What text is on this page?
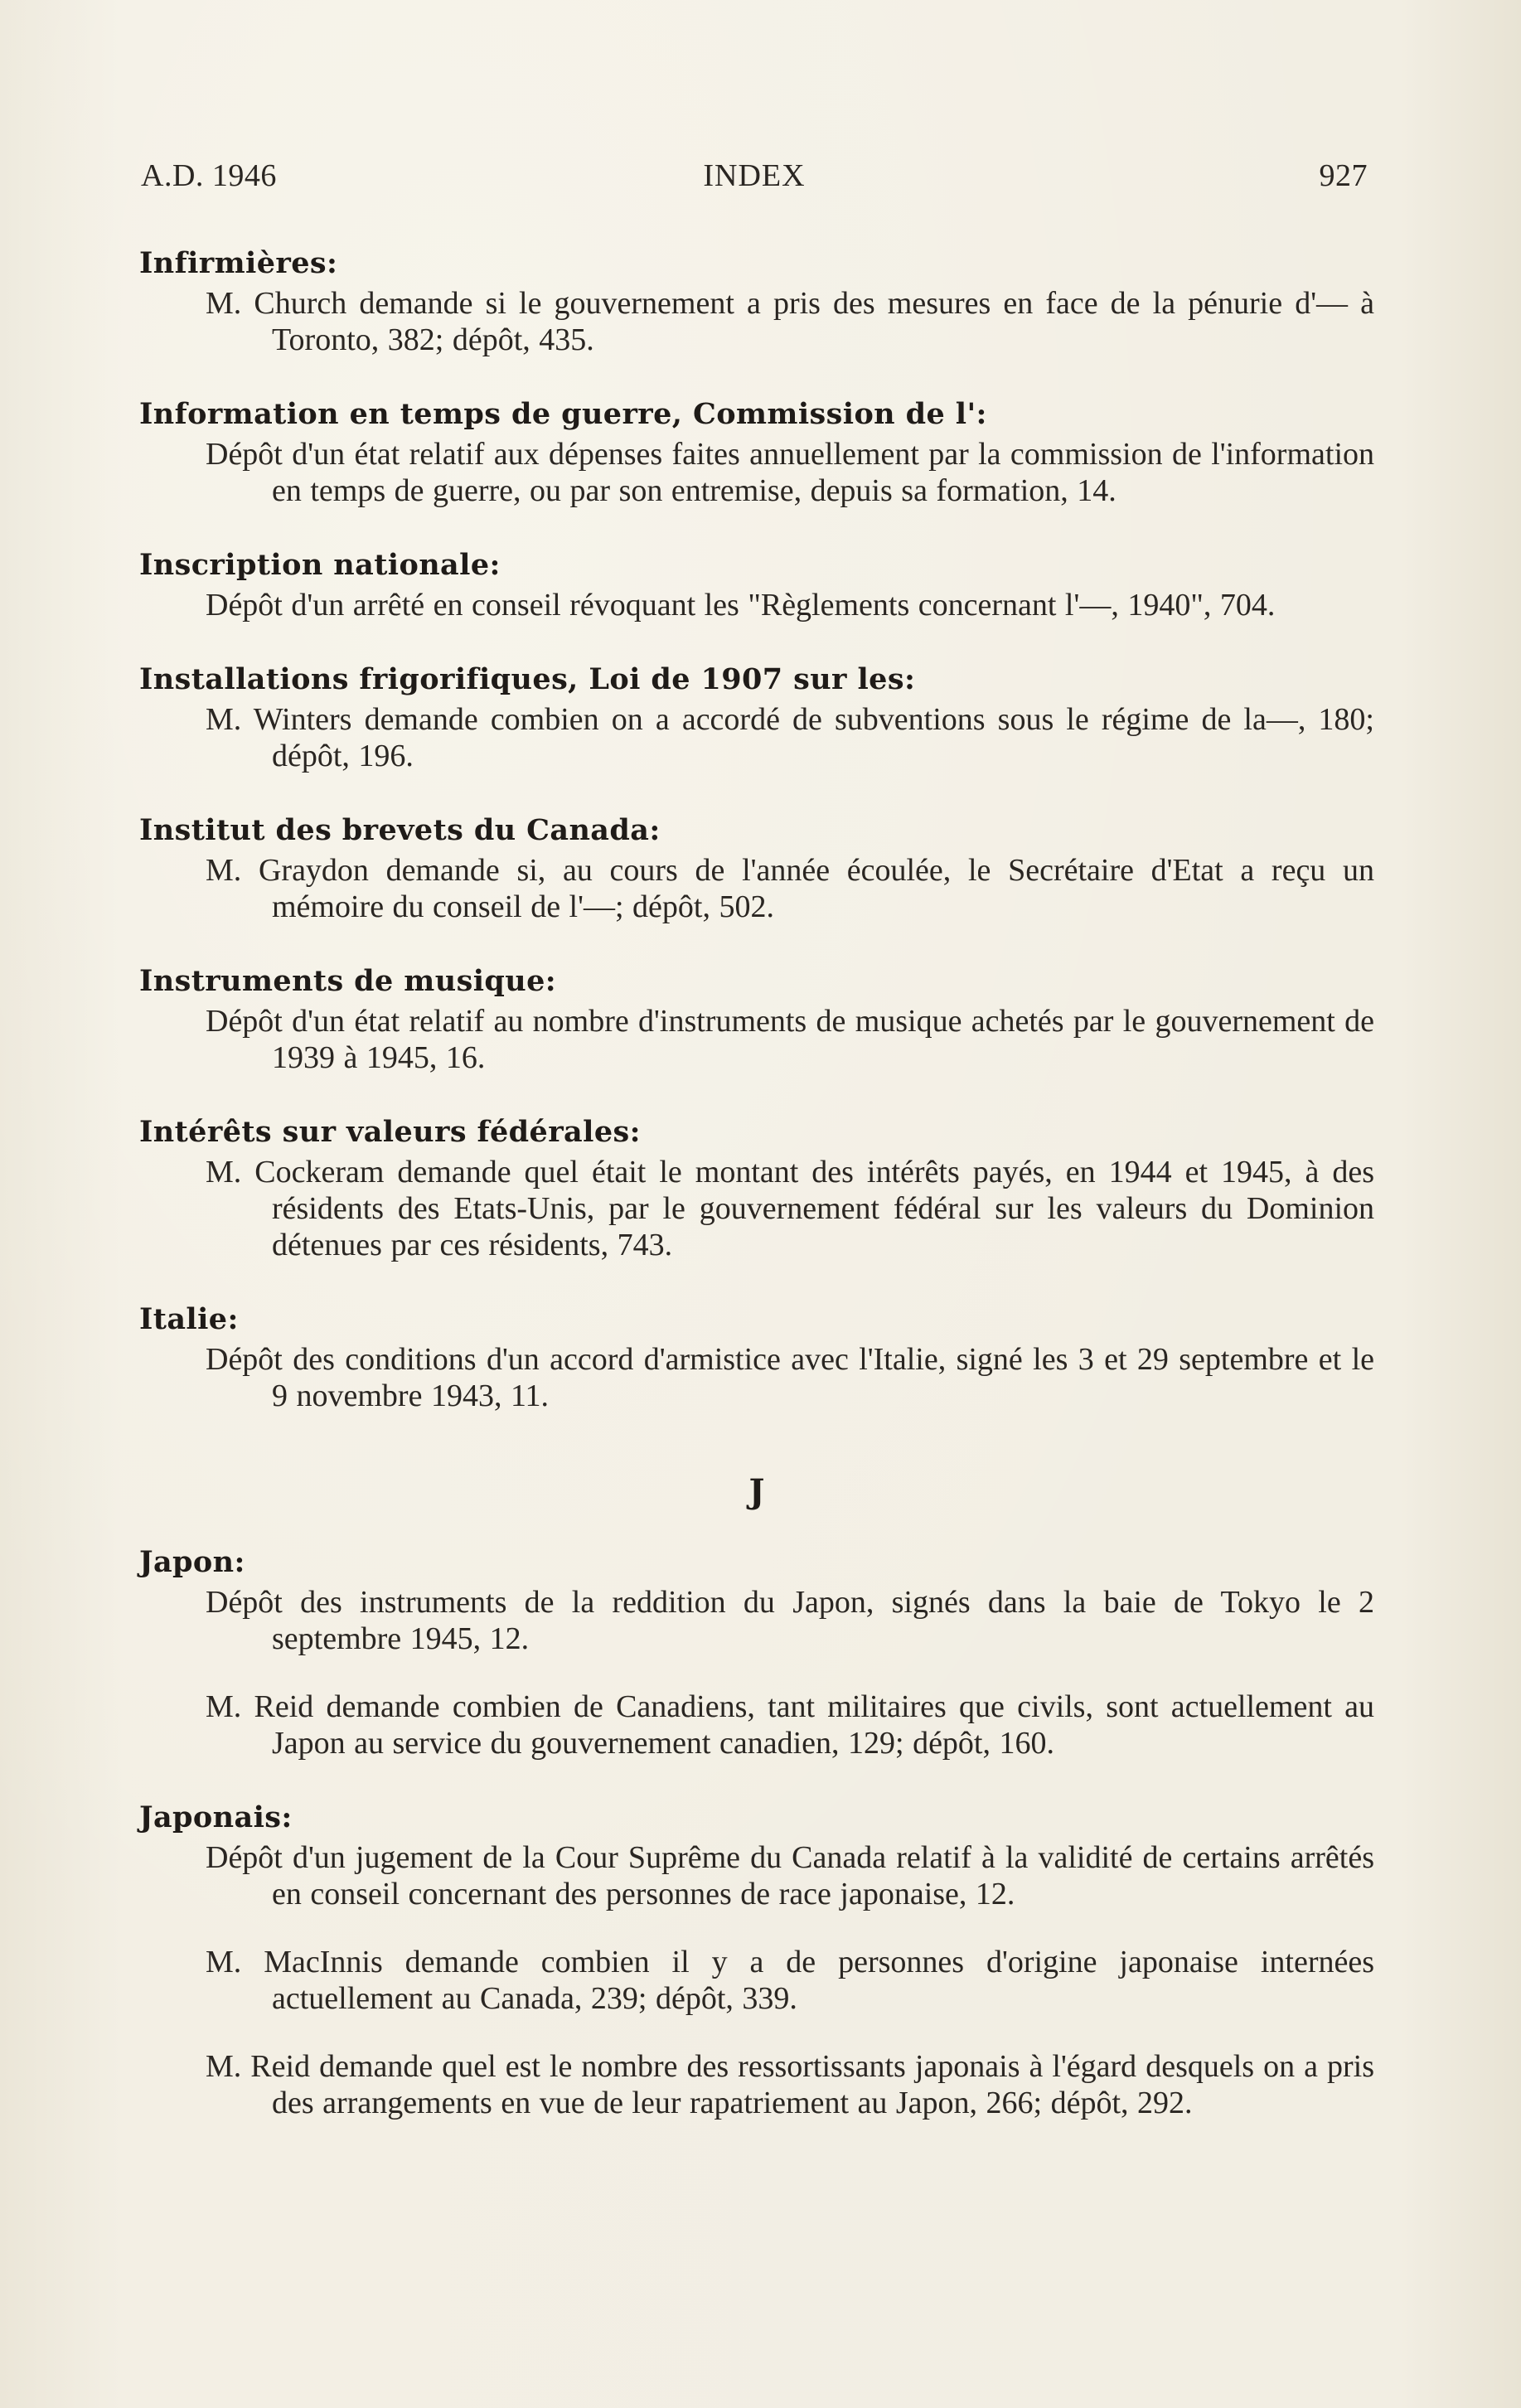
A.D. 1946	INDEX	927
Infirmières:

M. Church demande si le gouvernement a pris des mesures en face de la pénurie d'— à Toronto, 382; dépôt, 435.

Information en temps de guerre, Commission de l':

Dépôt d'un état relatif aux dépenses faites annuellement par la commission de l'information en temps de guerre, ou par son entremise, depuis sa formation, 14.

Inscription nationale:

Dépôt d'un arrêté en conseil révoquant les "Règlements concernant l'—, 1940", 704.

Installations frigorifiques, Loi de 1907 sur les:

M. Winters demande combien on a accordé de subventions sous le régime de la—, 180; dépôt, 196.

Institut des brevets du Canada:

M. Graydon demande si, au cours de l'année écoulée, le Secrétaire d'Etat a reçu un mémoire du conseil de l'—; dépôt, 502.

Instruments de musique:

Dépôt d'un état relatif au nombre d'instruments de musique achetés par le gouvernement de 1939 à 1945, 16.

Intérêts sur valeurs fédérales:

M. Cockeram demande quel était le montant des intérêts payés, en 1944 et 1945, à des résidents des Etats-Unis, par le gouvernement fédéral sur les valeurs du Dominion détenues par ces résidents, 743.

Italie:

Dépôt des conditions d'un accord d'armistice avec l'Italie, signé les 3 et 29 septembre et le 9 novembre 1943, 11.

J
Japon:

Dépôt des instruments de la reddition du Japon, signés dans la baie de Tokyo le 2 septembre 1945, 12.

M. Reid demande combien de Canadiens, tant militaires que civils, sont actuellement au Japon au service du gouvernement canadien, 129; dépôt, 160.

Japonais:

Dépôt d'un jugement de la Cour Suprême du Canada relatif à la validité de certains arrêtés en conseil concernant des personnes de race japonaise, 12.

M. MacInnis demande combien il y a de personnes d'origine japonaise internées actuellement au Canada, 239; dépôt, 339.

M. Reid demande quel est le nombre des ressortissants japonais à l'égard desquels on a pris des arrangements en vue de leur rapatriement au Japon, 266; dépôt, 292.
